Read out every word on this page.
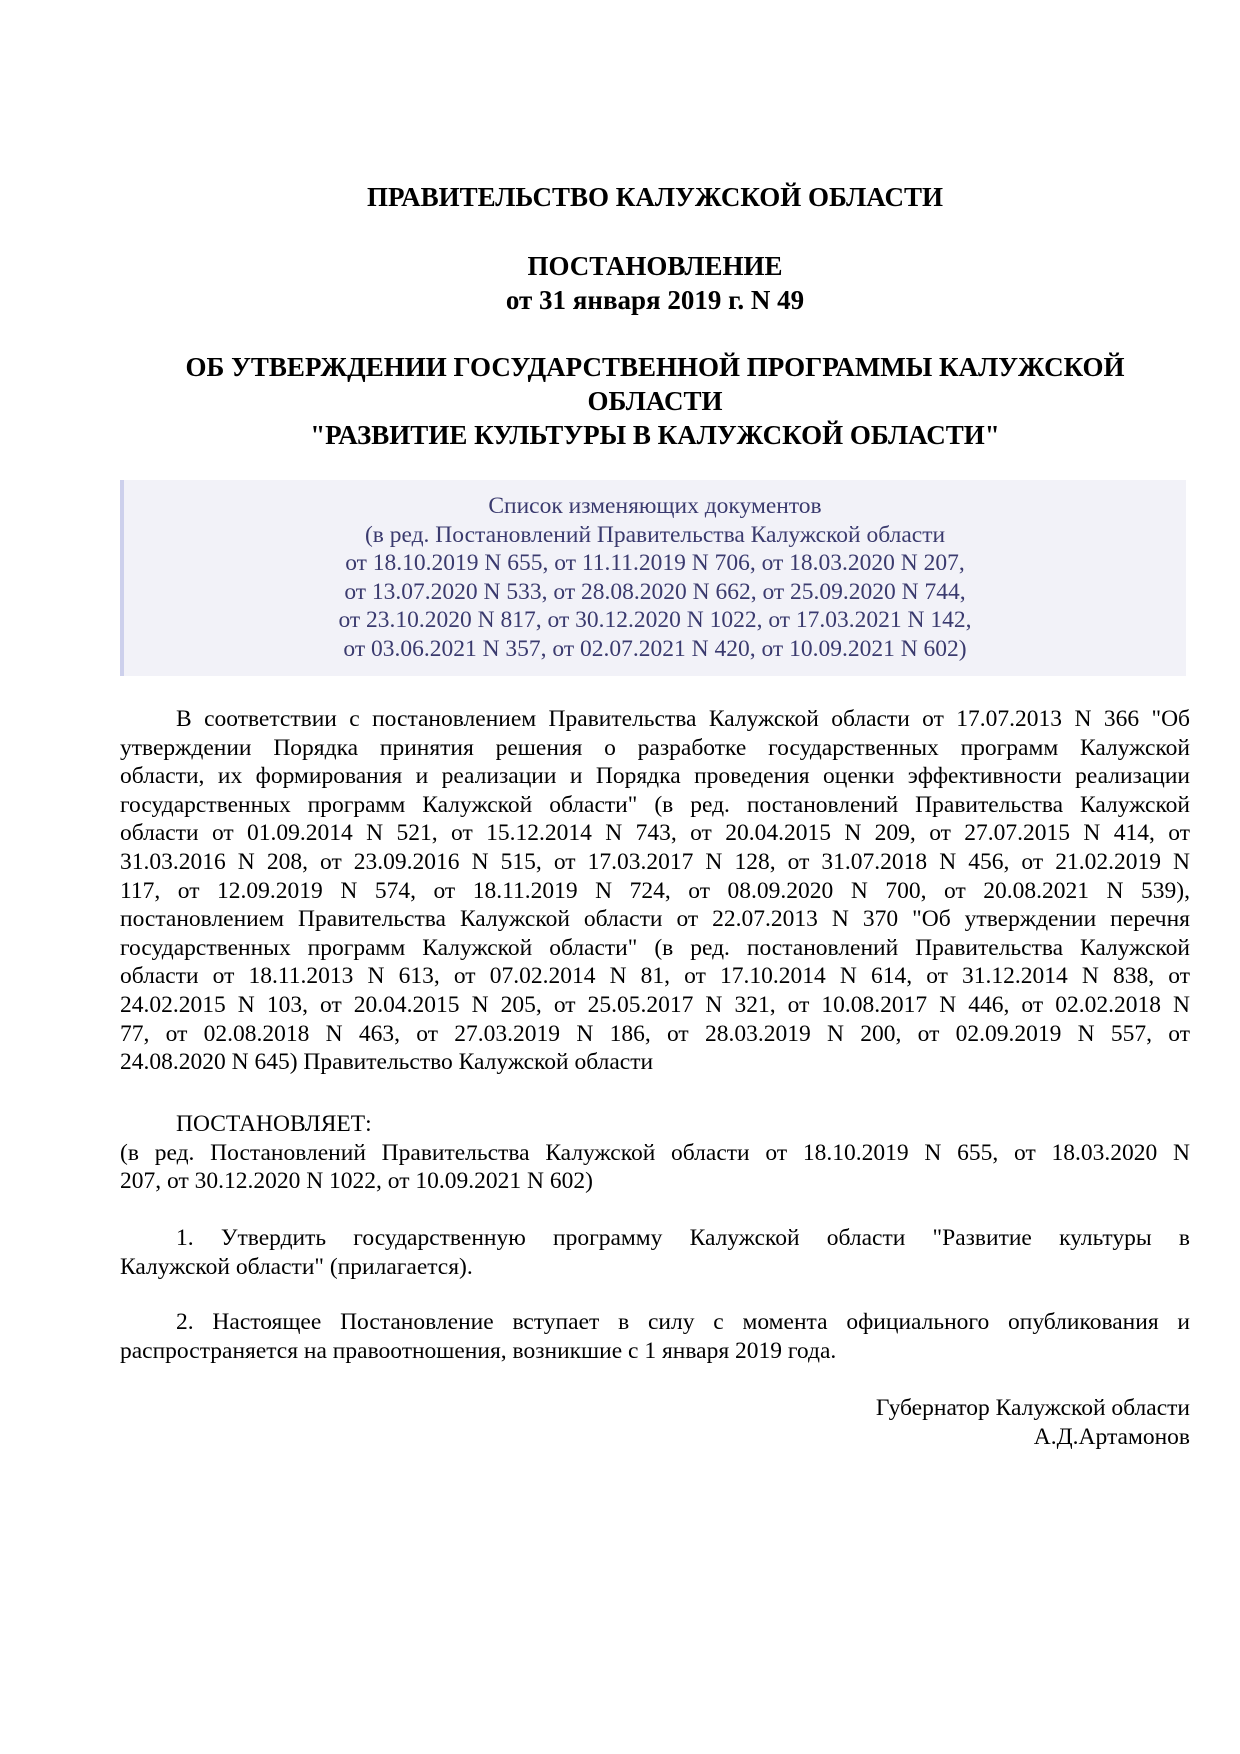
ПРАВИТЕЛЬСТВО КАЛУЖСКОЙ ОБЛАСТИ

ПОСТАНОВЛЕНИЕ

от 31 января 2019 г. N 49

ОБ УТВЕРЖДЕНИИ ГОСУДАРСТВЕННОЙ ПРОГРАММЫ КАЛУЖСКОЙ

ОБЛАСТИ

"РАЗВИТИЕ КУЛЬТУРЫ В КАЛУЖСКОЙ ОБЛАСТИ"

Список изменяющих документов
(в ред. Постановлений Правительства Калужской области
от 18.10.2019 N 655, от 11.11.2019 N 706, от 18.03.2020 N 207,
от 13.07.2020 N 533, от 28.08.2020 N 662, от 25.09.2020 N 744,
от 23.10.2020 N 817, от 30.12.2020 N 1022, от 17.03.2021 N 142,
от 03.06.2021 N 357, от 02.07.2021 N 420, от 10.09.2021 N 602)
В соответствии с постановлением Правительства Калужской области от 17.07.2013 N 366 "Об
утверждении Порядка принятия решения о разработке государственных программ Калужской
области, их формирования и реализации и Порядка проведения оценки эффективности реализации
государственных программ Калужской области" (в ред. постановлений Правительства Калужской
области от 01.09.2014 N 521, от 15.12.2014 N 743, от 20.04.2015 N 209, от 27.07.2015 N 414, от
31.03.2016 N 208, от 23.09.2016 N 515, от 17.03.2017 N 128, от 31.07.2018 N 456, от 21.02.2019 N
117, от 12.09.2019 N 574, от 18.11.2019 N 724, от 08.09.2020 N 700, от 20.08.2021 N 539),
постановлением Правительства Калужской области от 22.07.2013 N 370 "Об утверждении перечня
государственных программ Калужской области" (в ред. постановлений Правительства Калужской
области от 18.11.2013 N 613, от 07.02.2014 N 81, от 17.10.2014 N 614, от 31.12.2014 N 838, от
24.02.2015 N 103, от 20.04.2015 N 205, от 25.05.2017 N 321, от 10.08.2017 N 446, от 02.02.2018 N
77, от 02.08.2018 N 463, от 27.03.2019 N 186, от 28.03.2019 N 200, от 02.09.2019 N 557, от
24.08.2020 N 645) Правительство Калужской области
ПОСТАНОВЛЯЕТ:
(в ред. Постановлений Правительства Калужской области от 18.10.2019 N 655, от 18.03.2020 N
207, от 30.12.2020 N 1022, от 10.09.2021 N 602)
1. Утвердить государственную программу Калужской области "Развитие культуры в
Калужской области" (прилагается).
2. Настоящее Постановление вступает в силу с момента официального опубликования и
распространяется на правоотношения, возникшие с 1 января 2019 года.
Губернатор Калужской области
А.Д.Артамонов
